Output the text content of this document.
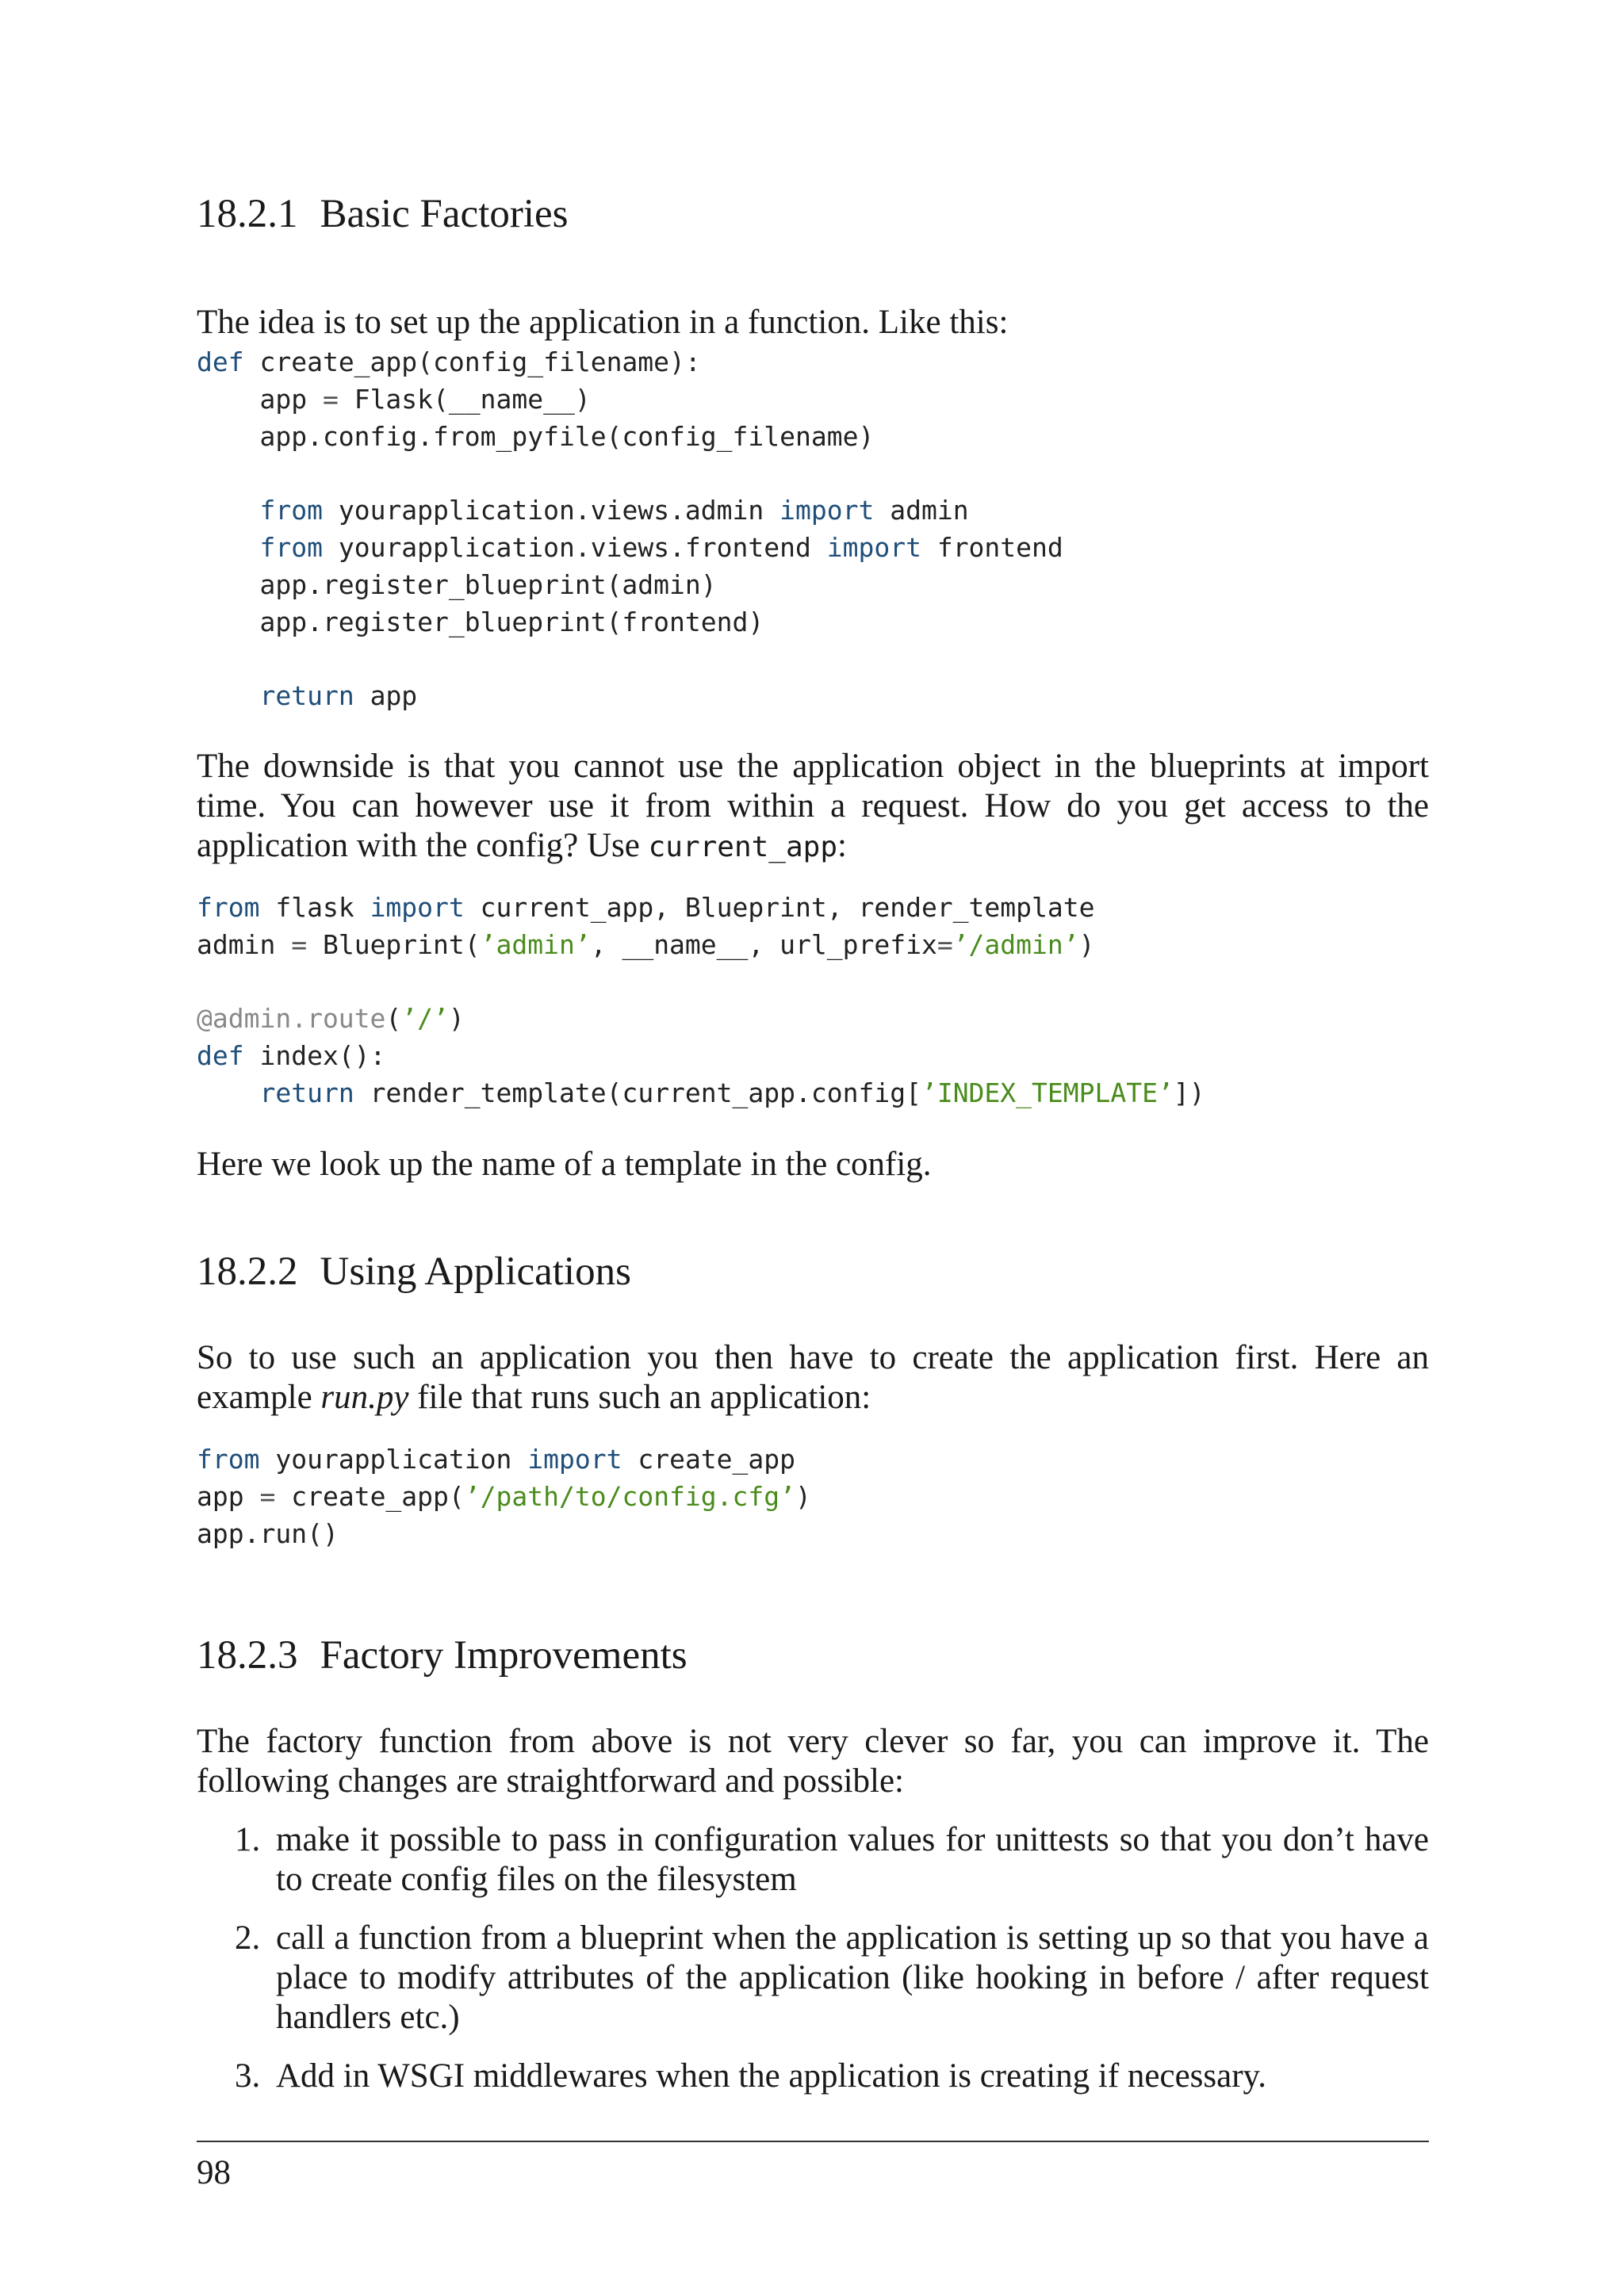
18.2.1 Basic Factories

The idea is to set up the application in a function. Like this:

def create_app(config_filename):
app = Flask(__name__)
app.config.from_pyfile(config_filename)

from yourapplication.views.admin import admin
from yourapplication.views.frontend import frontend
app.register_blueprint(admin)
app.register_blueprint(frontend)

return app

The downside is that you cannot use the application object in the blueprints at import time. You can however use it from within a request. How do you get access to the application with the config? Use current_app:

from flask import current_app, Blueprint, render_template
admin = Blueprint(’admin’, __name__, url_prefix=’/admin’)

@admin.route(’/’)
def index():
return render_template(current_app.config[’INDEX_TEMPLATE’])

Here we look up the name of a template in the config.

18.2.2 Using Applications

So to use such an application you then have to create the application first. Here an example run.py file that runs such an application:

from yourapplication import create_app
app = create_app(’/path/to/config.cfg’)
app.run()
18.2.3 Factory Improvements

The factory function from above is not very clever so far, you can improve it. The following changes are straightforward and possible:

1. make it possible to pass in configuration values for unittests so that you don’t have to create config files on the filesystem
2. call a function from a blueprint when the application is setting up so that you have a place to modify attributes of the application (like hooking in before / after request handlers etc.)
3. Add in WSGI middlewares when the application is creating if necessary.
98
